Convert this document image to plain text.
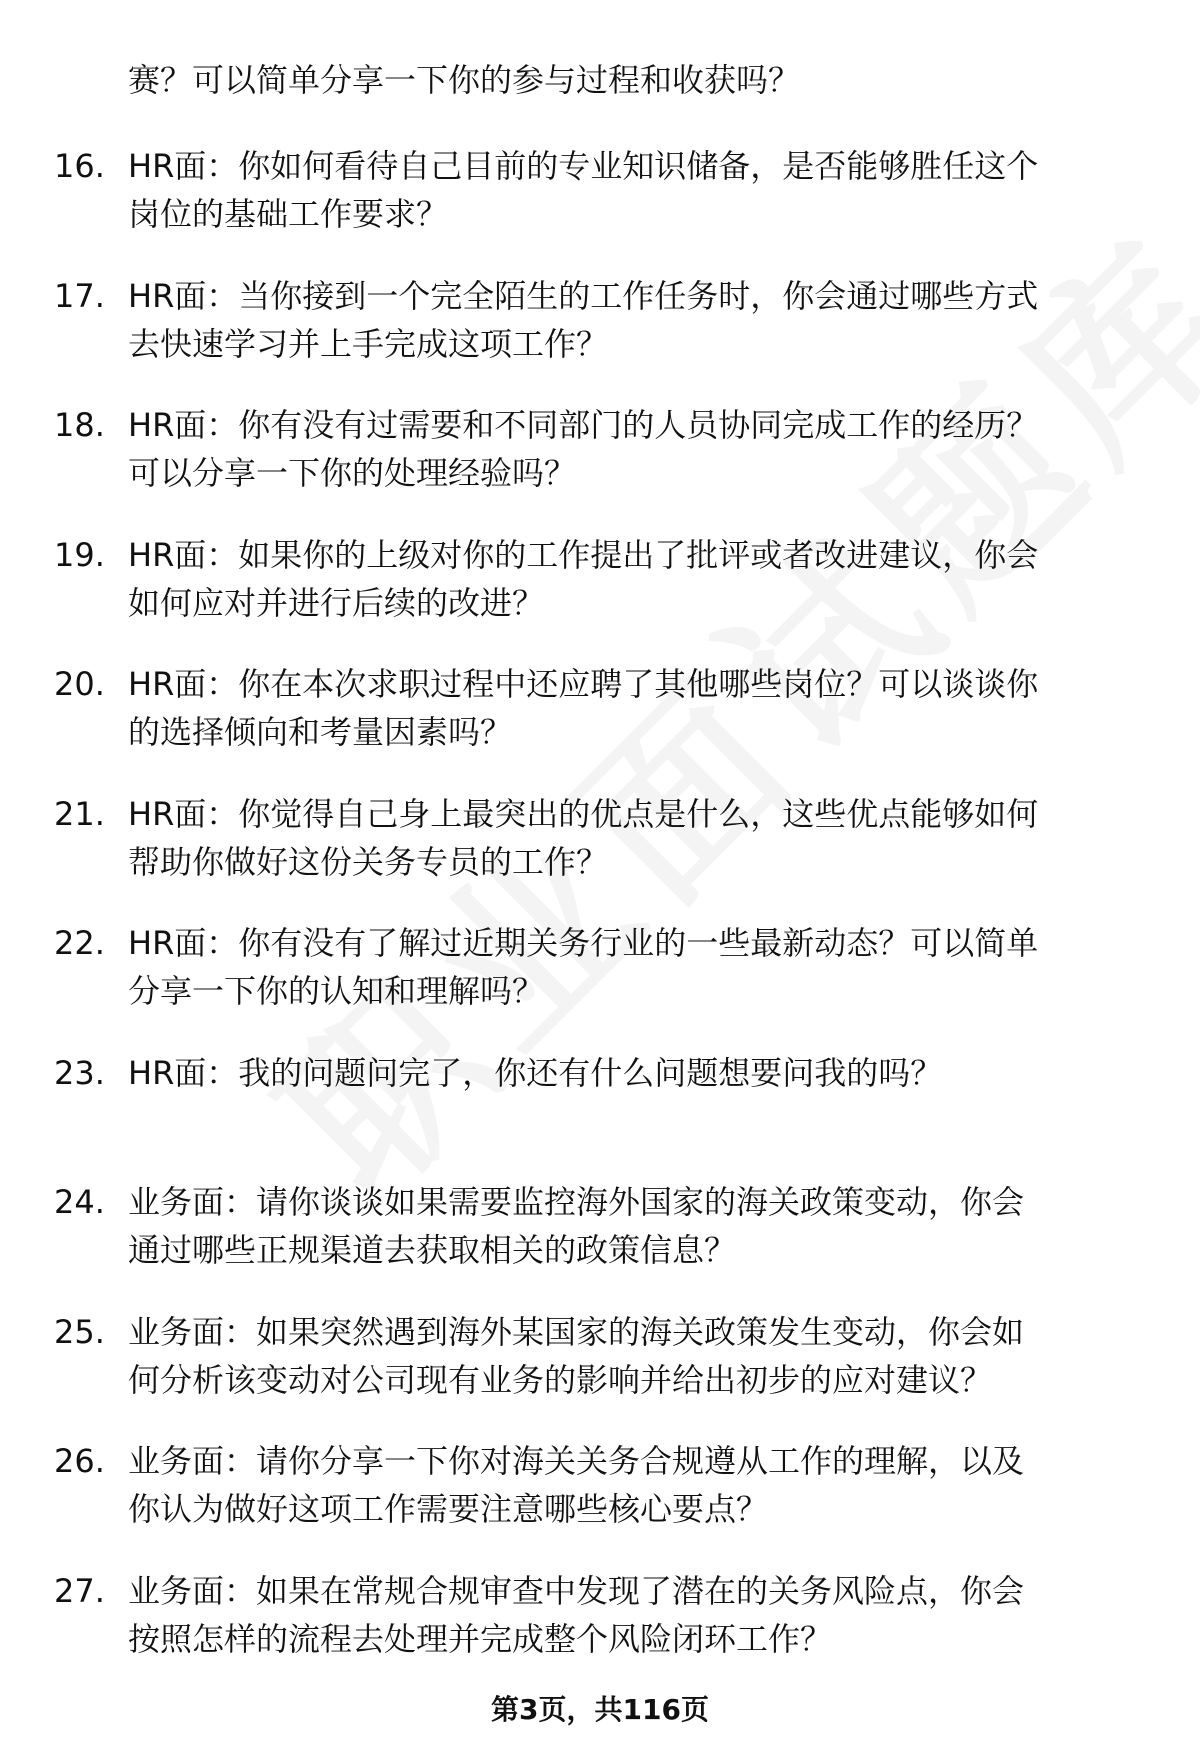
赛？可以简单分享一下你的参与过程和收获吗？
16. HR面：你如何看待自己目前的专业知识储备，是否能够胜任这个
岗位的基础工作要求？
17. HR面：当你接到一个完全陌生的工作任务时，你会通过哪些方式
去快速学习并上手完成这项工作？
18. HR面：你有没有过需要和不同部门的人员协同完成工作的经历？
可以分享一下你的处理经验吗？
19. HR面：如果你的上级对你的工作提出了批评或者改进建议，你会
如何应对并进行后续的改进？
20. HR面：你在本次求职过程中还应聘了其他哪些岗位？可以谈谈你
的选择倾向和考量因素吗？
21. HR面：你觉得自己身上最突出的优点是什么，这些优点能够如何
帮助你做好这份关务专员的工作？
22. HR面：你有没有了解过近期关务行业的一些最新动态？可以简单
分享一下你的认知和理解吗？
23. HR面：我的问题问完了，你还有什么问题想要问我的吗？
24. 业务面：请你谈谈如果需要监控海外国家的海关政策变动，你会
通过哪些正规渠道去获取相关的政策信息？
25. 业务面：如果突然遇到海外某国家的海关政策发生变动，你会如
何分析该变动对公司现有业务的影响并给出初步的应对建议？
26. 业务面：请你分享一下你对海关关务合规遵从工作的理解，以及
你认为做好这项工作需要注意哪些核心要点？
27. 业务面：如果在常规合规审查中发现了潜在的关务风险点，你会
按照怎样的流程去处理并完成整个风险闭环工作？
第3页，共116页
